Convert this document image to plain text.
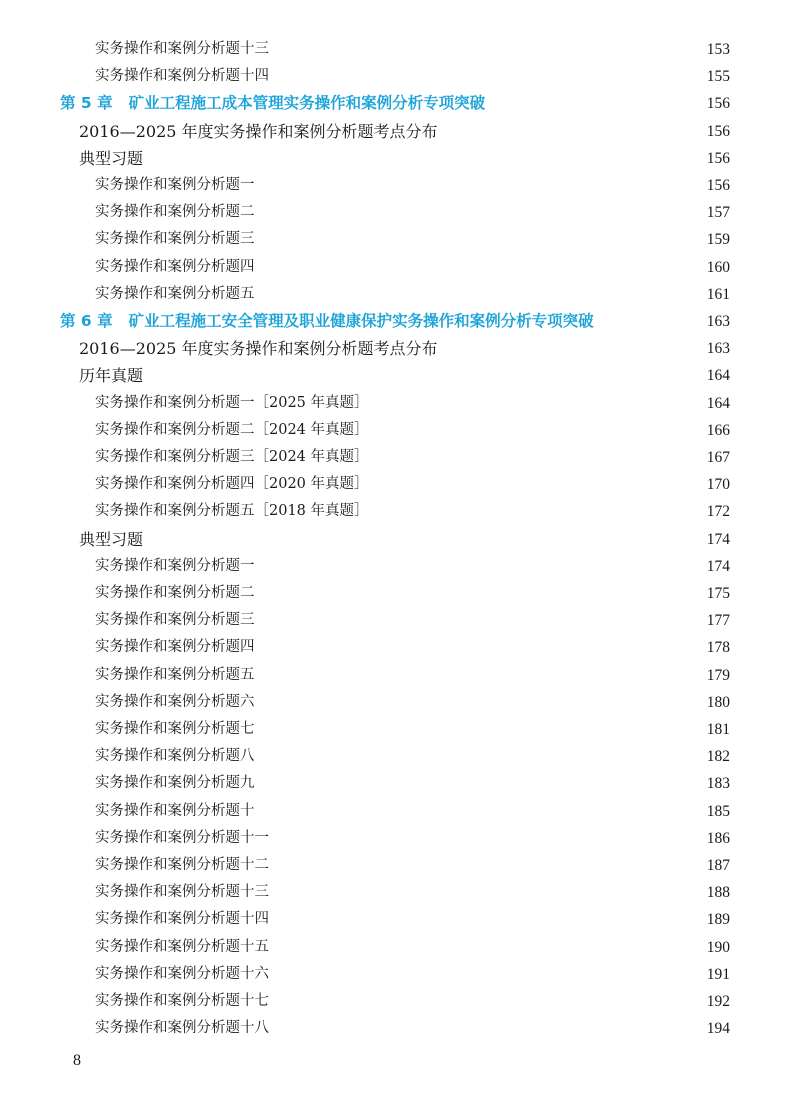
实务操作和案例分析题十三	153
实务操作和案例分析题十四	155
第 5 章 矿业工程施工成本管理实务操作和案例分析专项突破	156
2016—2025 年度实务操作和案例分析题考点分布	156
典型习题	156
实务操作和案例分析题一	156
实务操作和案例分析题二	157
实务操作和案例分析题三	159
实务操作和案例分析题四	160
实务操作和案例分析题五	161
第 6 章 矿业工程施工安全管理及职业健康保护实务操作和案例分析专项突破	163
2016—2025 年度实务操作和案例分析题考点分布	163
历年真题	164
实务操作和案例分析题一［2025 年真题］	164
实务操作和案例分析题二［2024 年真题］	166
实务操作和案例分析题三［2024 年真题］	167
实务操作和案例分析题四［2020 年真题］	170
实务操作和案例分析题五［2018 年真题］	172
典型习题	174
实务操作和案例分析题一	174
实务操作和案例分析题二	175
实务操作和案例分析题三	177
实务操作和案例分析题四	178
实务操作和案例分析题五	179
实务操作和案例分析题六	180
实务操作和案例分析题七	181
实务操作和案例分析题八	182
实务操作和案例分析题九	183
实务操作和案例分析题十	185
实务操作和案例分析题十一	186
实务操作和案例分析题十二	187
实务操作和案例分析题十三	188
实务操作和案例分析题十四	189
实务操作和案例分析题十五	190
实务操作和案例分析题十六	191
实务操作和案例分析题十七	192
实务操作和案例分析题十八	194
8
